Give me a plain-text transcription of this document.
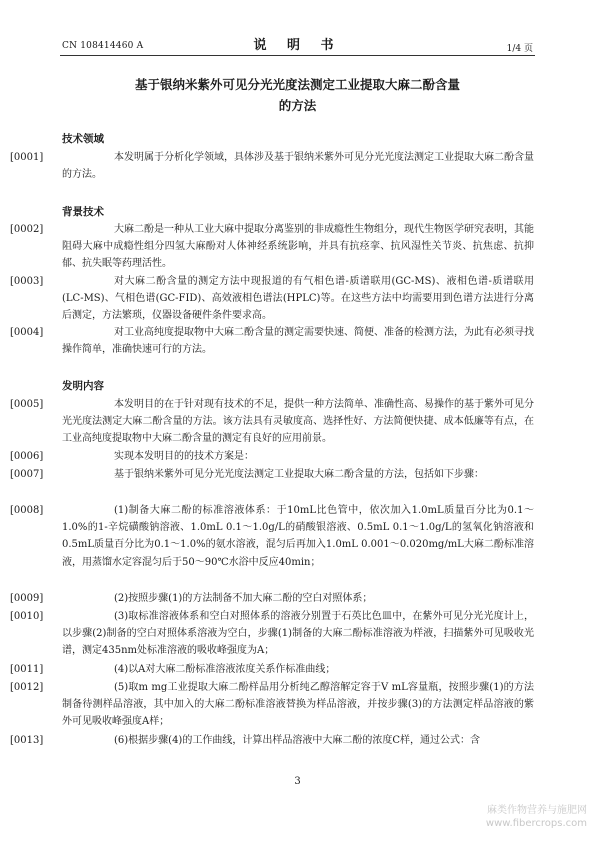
CN 108414460 A	说 明 书	1/4 页
基于银纳米紫外可见分光光度法测定工业提取大麻二酚含量
的方法
技术领域
[0001]	本发明属于分析化学领域，具体涉及基于银纳米紫外可见分光光度法测定工业提取大麻二酚含量的方法。
背景技术
[0002]	大麻二酚是一种从工业大麻中提取分离鉴别的非成瘾性生物组分，现代生物医学研究表明，其能阻碍大麻中成瘾性组分四氢大麻酚对人体神经系统影响，并具有抗痉挛、抗风湿性关节炎、抗焦虑、抗抑郁、抗失眠等药理活性。
[0003]	对大麻二酚含量的测定方法中现报道的有气相色谱-质谱联用(GC-MS)、液相色谱-质谱联用(LC-MS)、气相色谱(GC-FID)、高效液相色谱法(HPLC)等。在这些方法中均需要用到色谱方法进行分离后测定，方法繁琐，仪器设备硬件条件要求高。
[0004]	对工业高纯度提取物中大麻二酚含量的测定需要快速、简便、准备的检测方法，为此有必须寻找操作简单，准确快速可行的方法。
发明内容
[0005]	本发明目的在于针对现有技术的不足，提供一种方法简单、准确性高、易操作的基于紫外可见分光光度法测定大麻二酚含量的方法。该方法具有灵敏度高、选择性好、方法简便快捷、成本低廉等有点，在工业高纯度提取物中大麻二酚含量的测定有良好的应用前景。
[0006]	实现本发明目的的技术方案是：
[0007]	基于银纳米紫外可见分光光度法测定工业提取大麻二酚含量的方法，包括如下步骤：
[0008]	(1)制备大麻二酚的标准溶液体系：于10mL比色管中，依次加入1.0mL质量百分比为0.1～1.0%的1-辛烷磺酸钠溶液、1.0mL 0.1～1.0g/L的硝酸银溶液、0.5mL 0.1～1.0g/L的氢氧化钠溶液和0.5mL质量百分比为0.1～1.0%的氨水溶液，混匀后再加入1.0mL 0.001～0.020mg/mL大麻二酚标准溶液，用蒸馏水定容混匀后于50～90℃水浴中反应40min；
[0009]	(2)按照步骤(1)的方法制备不加大麻二酚的空白对照体系；
[0010]	(3)取标准溶液体系和空白对照体系的溶液分别置于石英比色皿中，在紫外可见分光光度计上，以步骤(2)制备的空白对照体系溶液为空白，步骤(1)制备的大麻二酚标准溶液为样液，扫描紫外可见吸收光谱，测定435nm处标准溶液的吸收峰强度为A；
[0011]	(4)以A对大麻二酚标准溶液浓度关系作标准曲线；
[0012]	(5)取m mg工业提取大麻二酚样品用分析纯乙醇溶解定容于V mL容量瓶，按照步骤(1)的方法制备待测样品溶液，其中加入的大麻二酚标准溶液替换为样品溶液，并按步骤(3)的方法测定样品溶液的紫外可见吸收峰强度A样；
[0013]	(6)根据步骤(4)的工作曲线，计算出样品溶液中大麻二酚的浓度C样，通过公式：含
3
麻类作物营养与施肥网
www.fibercrops.com
